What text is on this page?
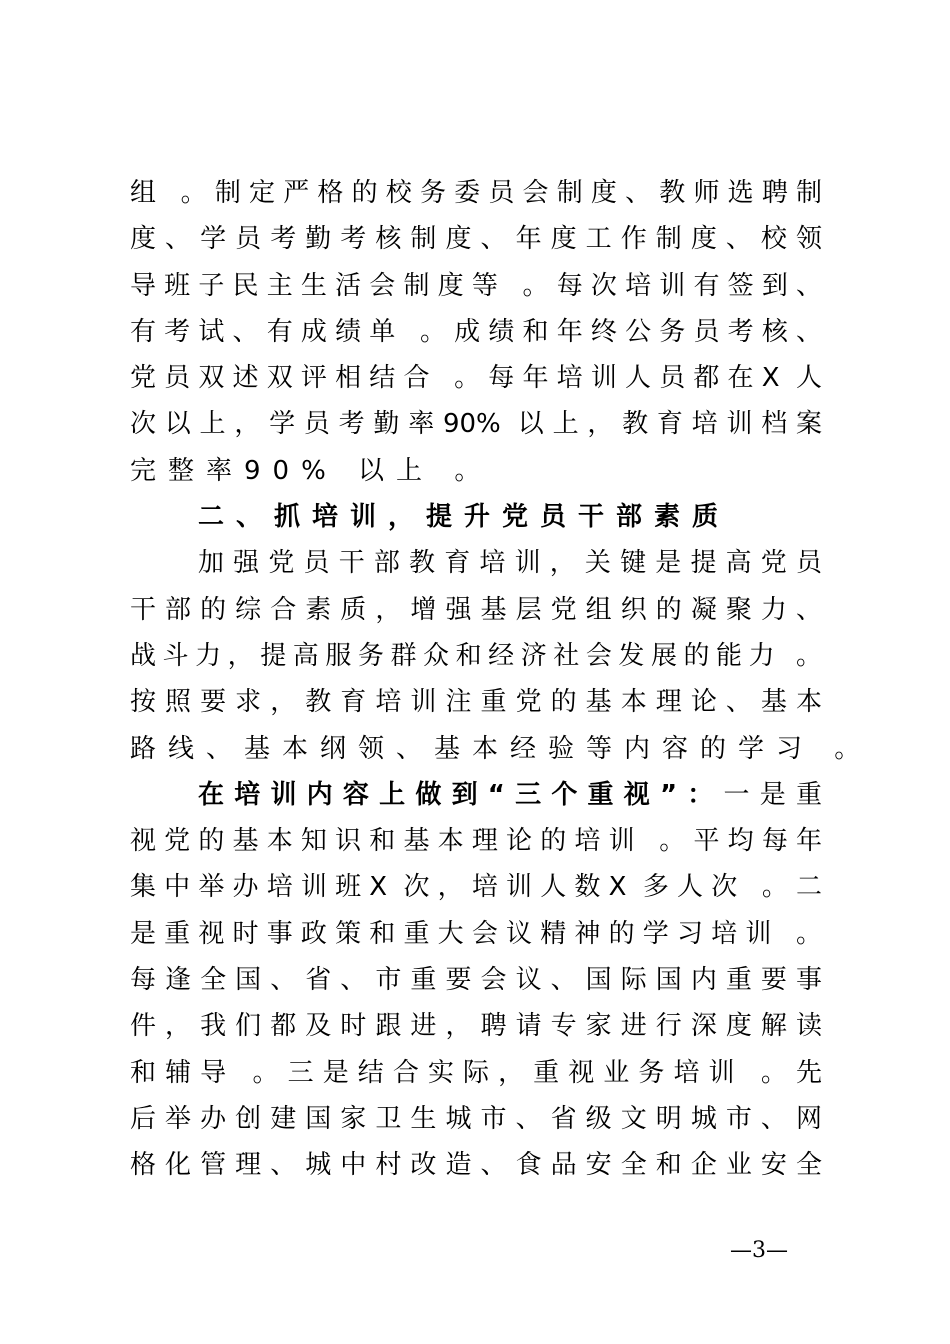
组 。制定严格的校务委员会制度、教师选聘制
度、学员考勤考核制度、年度工作制度、校领
导班子民主生活会制度等 。每次培训有签到、
有考试、有成绩单 。成绩和年终公务员考核、
党员双述双评相结合 。每年培训人员都在X 人
次以上，学员考勤率90% 以上，教育培训档案
完整率90% 以上 。
二、抓培训，提升党员干部素质
加强党员干部教育培训，关键是提高党员
干部的综合素质，增强基层党组织的凝聚力、
战斗力，提高服务群众和经济社会发展的能力 。
按照要求，教育培训注重党的基本理论、基本
路线、基本纲领、基本经验等内容的学习 。
在培训内容上做到“三个重视”：一是重
视党的基本知识和基本理论的培训 。平均每年
集中举办培训班X 次，培训人数X 多人次 。二
是重视时事政策和重大会议精神的学习培训 。
每逢全国、省、市重要会议、国际国内重要事
件，我们都及时跟进，聘请专家进行深度解读
和辅导 。三是结合实际，重视业务培训 。先
后举办创建国家卫生城市、省级文明城市、网
格化管理、城中村改造、食品安全和企业安全
—3—
